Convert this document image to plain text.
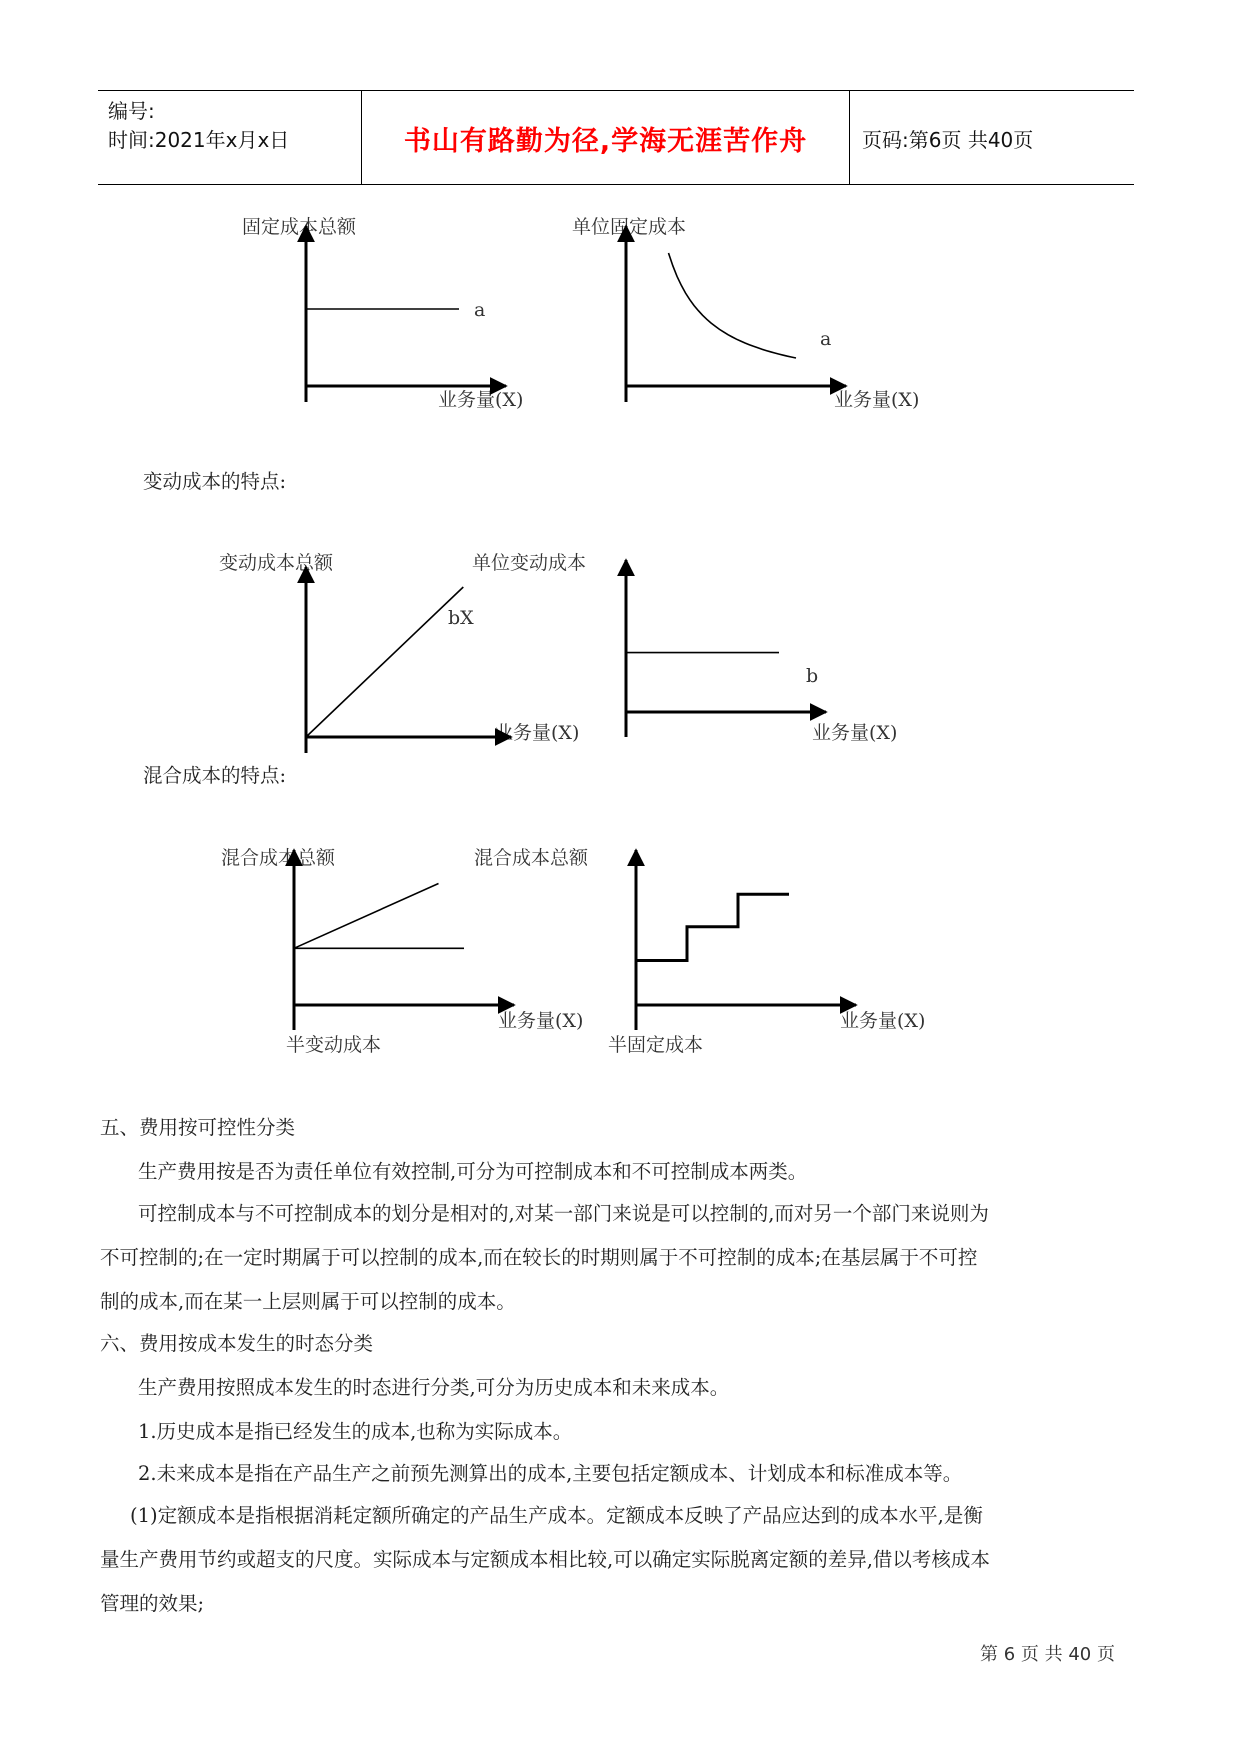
编号:
时间:2021年x月x日	书山有路勤为径,学海无涯苦作舟	页码:第6页 共40页
固定成本总额	单位固定成本
a
a
业务量(X)	业务量(X)
变动成本的特点:
变动成本总额	单位变动成本
bX
b
业务量(X)	业务量(X)
混合成本的特点:
混合成本总额	混合成本总额
业务量(X)	业务量(X)
半变动成本	半固定成本
五、费用按可控性分类
生产费用按是否为责任单位有效控制,可分为可控制成本和不可控制成本两类。
可控制成本与不可控制成本的划分是相对的,对某一部门来说是可以控制的,而对另一个部门来说则为
不可控制的;在一定时期属于可以控制的成本,而在较长的时期则属于不可控制的成本;在基层属于不可控
制的成本,而在某一上层则属于可以控制的成本。
六、费用按成本发生的时态分类
生产费用按照成本发生的时态进行分类,可分为历史成本和未来成本。
1.历史成本是指已经发生的成本,也称为实际成本。
2.未来成本是指在产品生产之前预先测算出的成本,主要包括定额成本、计划成本和标准成本等。
(1)定额成本是指根据消耗定额所确定的产品生产成本。定额成本反映了产品应达到的成本水平,是衡
量生产费用节约或超支的尺度。实际成本与定额成本相比较,可以确定实际脱离定额的差异,借以考核成本
管理的效果;
第 6 页 共 40 页
